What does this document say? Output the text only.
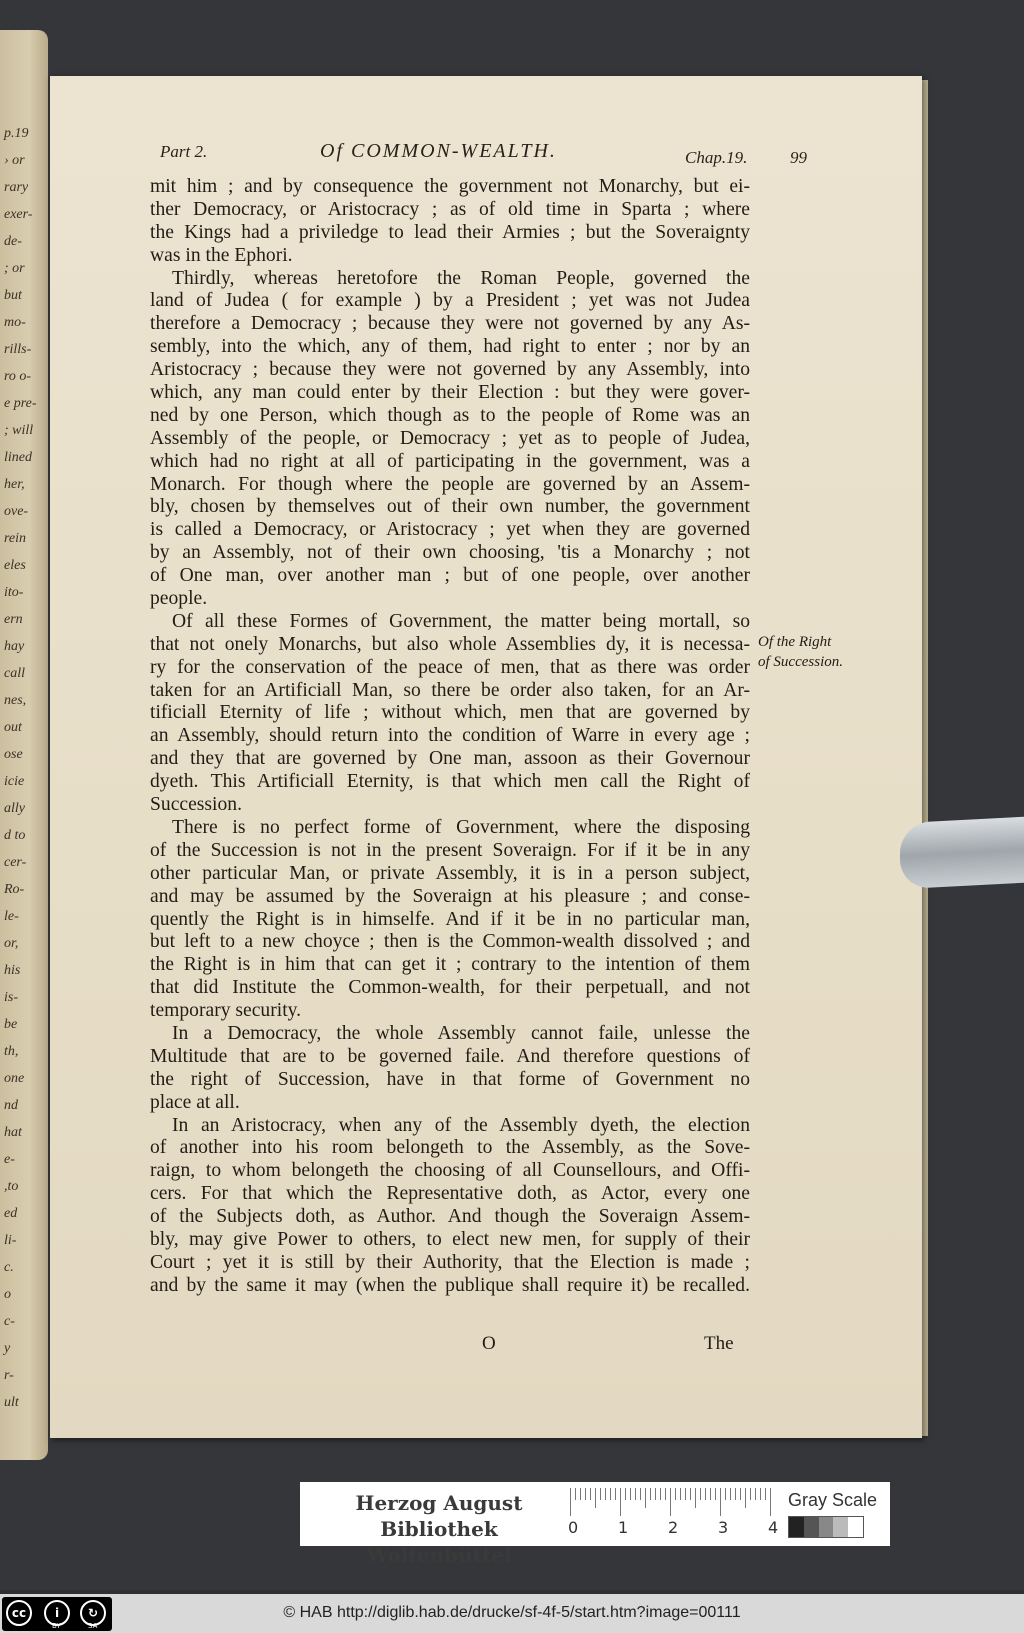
p.19
› or
rary
exer-
de-
; or
but
mo-
rills-
ro o-
e pre-
; will
lined
her,
ove-
rein
eles
ito-
ern
hay
call
nes,
out
ose
icie
ally
d to
cer-
Ro-
le-
or,
his
is-
be
th,
one
nd
hat
e-
,to
ed
li-
c.
o
c-
y
r-
ult
Part 2.	Of COMMON-WEALTH.	Chap.19.	99
mit him ; and by consequence the government not Monarchy, but ei-
ther Democracy, or Aristocracy ; as of old time in Sparta ; where
the Kings had a priviledge to lead their Armies ; but the Soveraignty
was in the Ephori.
Thirdly, whereas heretofore the Roman People, governed the
land of Judea ( for example ) by a President ; yet was not Judea
therefore a Democracy ; because they were not governed by any As-
sembly, into the which, any of them, had right to enter ; nor by an
Aristocracy ; because they were not governed by any Assembly, into
which, any man could enter by their Election : but they were gover-
ned by one Person, which though as to the people of Rome was an
Assembly of the people, or Democracy ; yet as to people of Judea,
which had no right at all of participating in the government, was a
Monarch. For though where the people are governed by an Assem-
bly, chosen by themselves out of their own number, the government
is called a Democracy, or Aristocracy ; yet when they are governed
by an Assembly, not of their own choosing, 'tis a Monarchy ; not
of One man, over another man ; but of one people, over another
people.
Of all these Formes of Government, the matter being mortall, so
that not onely Monarchs, but also whole Assemblies dy, it is necessa-
ry for the conservation of the peace of men, that as there was order
taken for an Artificiall Man, so there be order also taken, for an Ar-
tificiall Eternity of life ; without which, men that are governed by
an Assembly, should return into the condition of Warre in every age ;
and they that are governed by One man, assoon as their Governour
dyeth. This Artificiall Eternity, is that which men call the Right of
Succession.
There is no perfect forme of Government, where the disposing
of the Succession is not in the present Soveraign. For if it be in any
other particular Man, or private Assembly, it is in a person subject,
and may be assumed by the Soveraign at his pleasure ; and conse-
quently the Right is in himselfe. And if it be in no particular man,
but left to a new choyce ; then is the Common-wealth dissolved ; and
the Right is in him that can get it ; contrary to the intention of them
that did Institute the Common-wealth, for their perpetuall, and not
temporary security.
In a Democracy, the whole Assembly cannot faile, unlesse the
Multitude that are to be governed faile. And therefore questions of
the right of Succession, have in that forme of Government no
place at all.
In an Aristocracy, when any of the Assembly dyeth, the election
of another into his room belongeth to the Assembly, as the Sove-
raign, to whom belongeth the choosing of all Counsellours, and Offi-
cers. For that which the Representative doth, as Actor, every one
of the Subjects doth, as Author. And though the Soveraign Assem-
bly, may give Power to others, to elect new men, for supply of their
Court ; yet it is still by their Authority, that the Election is made ;
and by the same it may (when the publique shall require it) be recalled.
Of the Right
of Succession.
O	The
Herzog August Bibliothek
Wolfenbüttel
0 1 2 3 4
Gray Scale
cc	i	↻
BY	SA
© HAB http://diglib.hab.de/drucke/sf-4f-5/start.htm?image=00111
